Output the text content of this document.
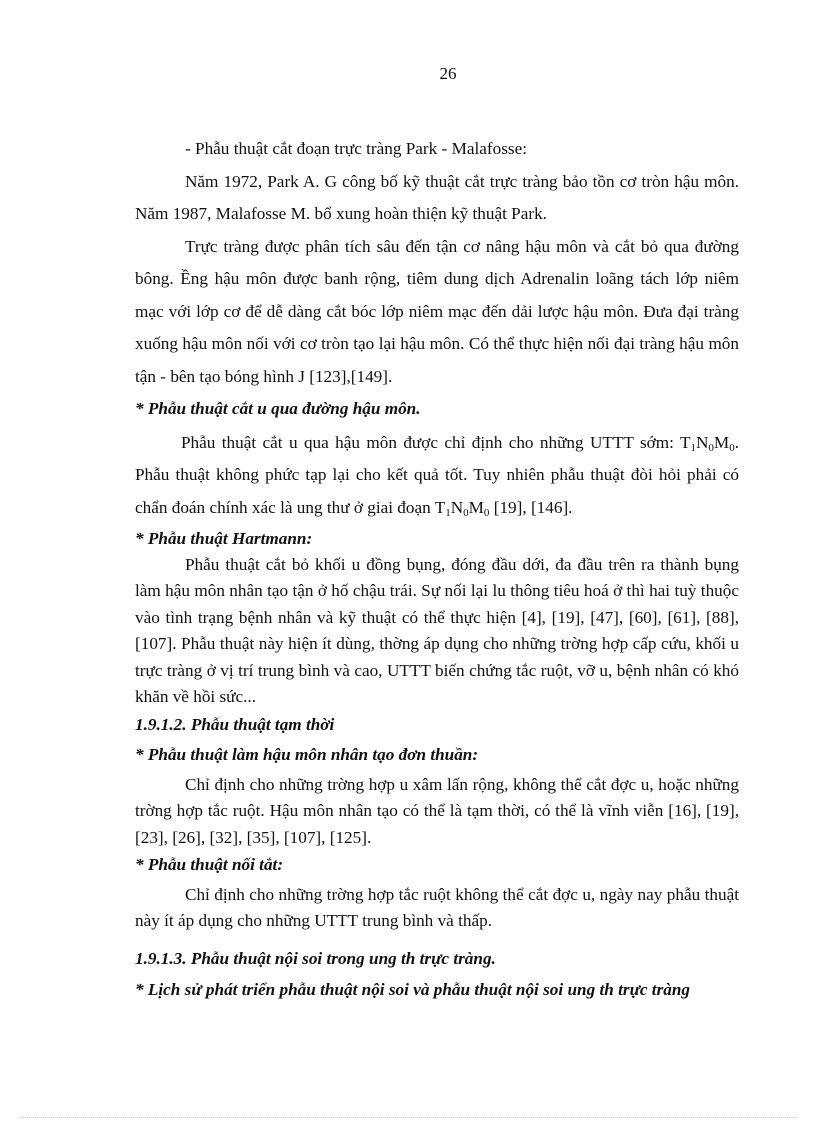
26

- Phẫu thuật cắt đoạn trực tràng Park - Malafosse:

Năm 1972, Park A. G công bố kỹ thuật cắt trực tràng bảo tồn cơ tròn hậu môn. Năm 1987, Malafosse M. bổ xung hoàn thiện kỹ thuật Park.

Trực tràng được phân tích sâu đến tận cơ nâng hậu môn và cắt bỏ qua đường bông. Ềng hậu môn được banh rộng, tiêm dung dịch Adrenalin loãng tách lớp niêm mạc với lớp cơ để dễ dàng cắt bóc lớp niêm mạc đến dải lược hậu môn. Đưa đại tràng xuống hậu môn nối với cơ tròn tạo lại hậu môn. Có thể thực hiện nối đại tràng hậu môn tận - bên tạo bóng hình J [123],[149].

* Phẫu thuật cắt u qua đường hậu môn.

Phẫu thuật cắt u qua hậu môn được chỉ định cho những UTTT sớm: $T_1N_0M_0$. Phẫu thuật không phức tạp lại cho kết quả tốt. Tuy nhiên phẫu thuật đòi hỏi phải có chẩn đoán chính xác là ung thư ở giai đoạn $T_1N_0M_0$ [19], [146].

* Phẫu thuật Hartmann:

Phẫu thuật cắt bỏ khối u đồng bụng, đóng đầu dới, đa đầu trên ra thành bụng làm hậu môn nhân tạo tận ở hố chậu trái. Sự nối lại lu thông tiêu hoá ở thì hai tuỳ thuộc vào tình trạng bệnh nhân và kỹ thuật có thể thực hiện [4], [19], [47], [60], [61], [88], [107]. Phẫu thuật này hiện ít dùng, thờng áp dụng cho những trờng hợp cấp cứu, khối u trực tràng ở vị trí trung bình và cao, UTTT biến chứng tắc ruột, vỡ u, bệnh nhân có khó khăn về hồi sức...

1.9.1.2. Phẫu thuật tạm thời

* Phẫu thuật làm hậu môn nhân tạo đơn thuần:

Chỉ định cho những trờng hợp u xâm lấn rộng, không thể cắt đợc u, hoặc những trờng hợp tắc ruột. Hậu môn nhân tạo có thể là tạm thời, có thể là vĩnh viễn [16], [19], [23], [26], [32], [35], [107], [125].

* Phẫu thuật nối tắt:

Chỉ định cho những trờng hợp tắc ruột không thể cắt đợc u, ngày nay phẫu thuật này ít áp dụng cho những UTTT trung bình và thấp.

1.9.1.3. Phẫu thuật nội soi trong ung th trực tràng.

* Lịch sử phát triển phẫu thuật nội soi và phẫu thuật nội soi ung th trực tràng
